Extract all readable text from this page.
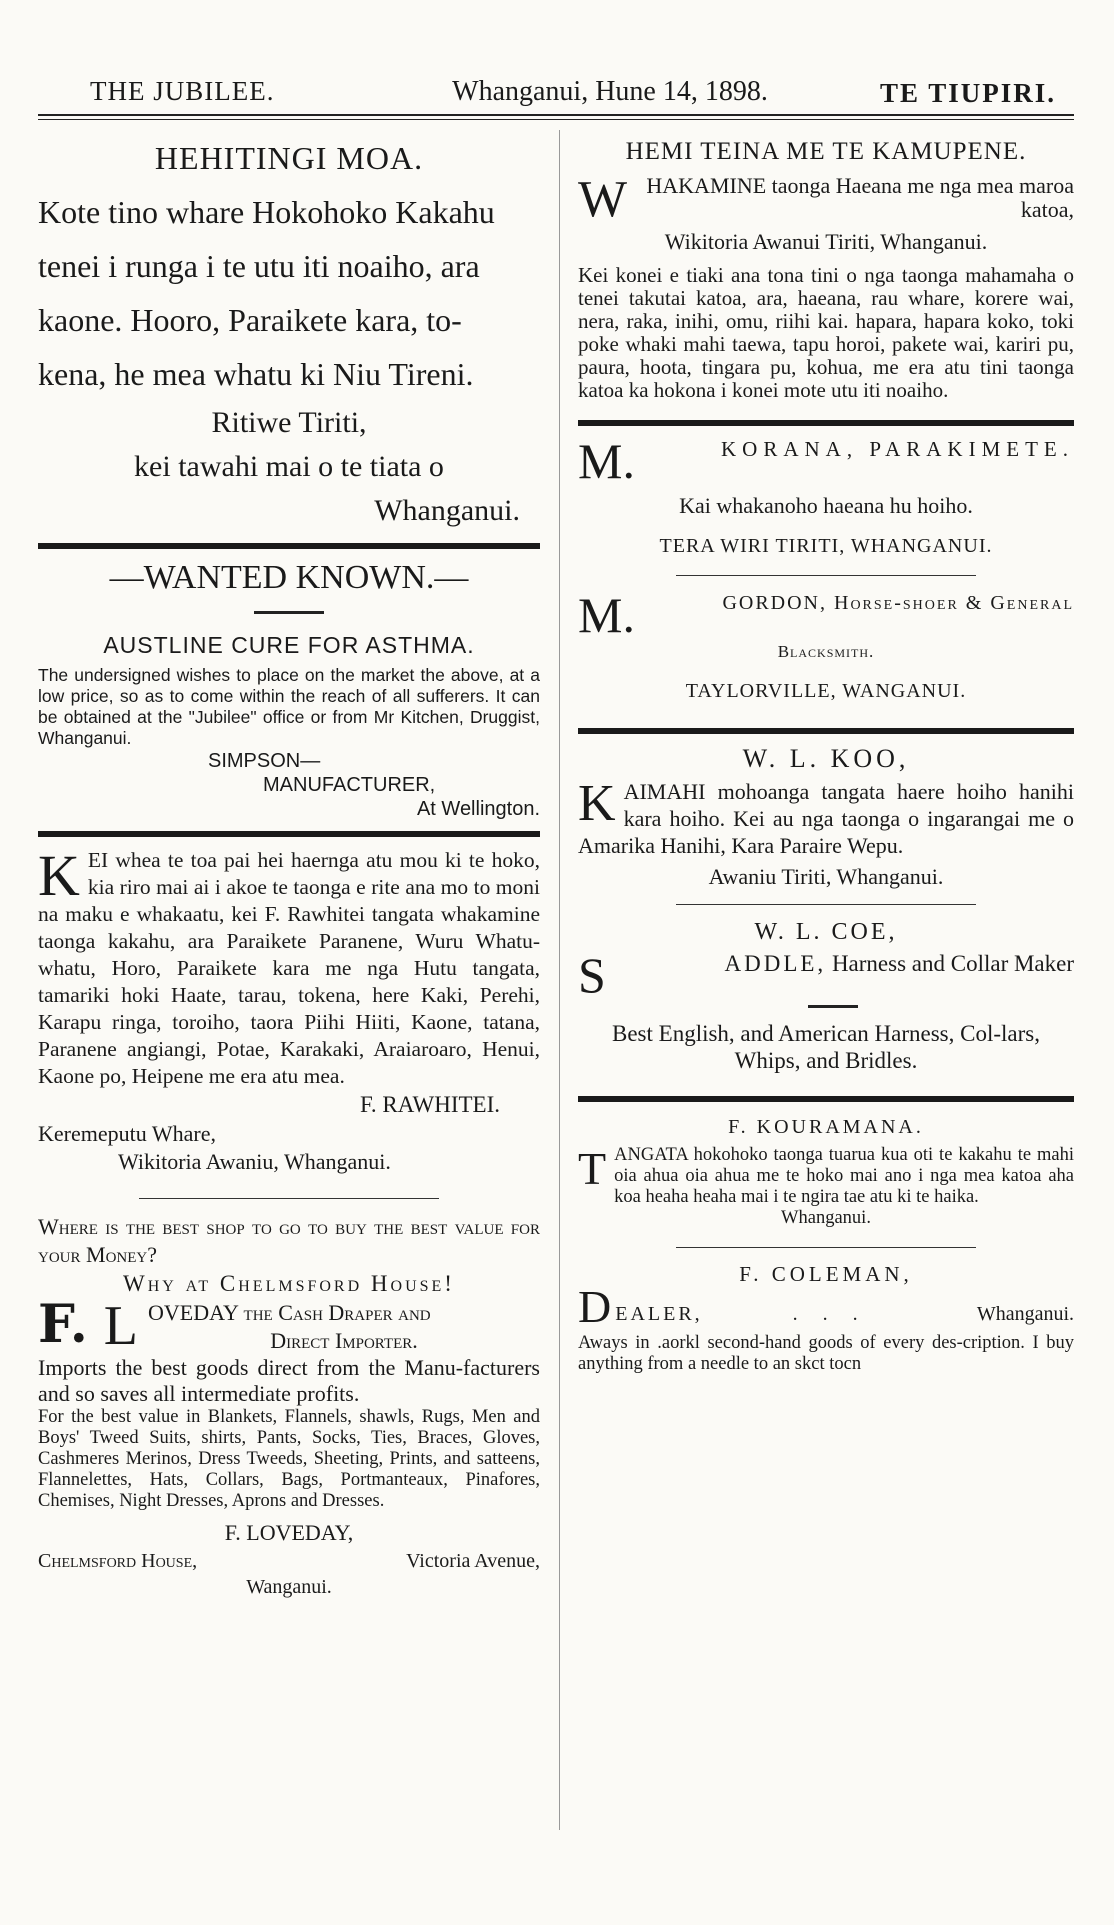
THE JUBILEE.	Whanganui, Hune 14, 1898.	TE TIUPIRI.

HEHITINGI MOA.

Kote tino whare Hokohoko Kakahu

tenei i runga i te utu iti noaiho, ara

kaone. Hooro, Paraikete kara, to-

kena, he mea whatu ki Niu Tireni.

Ritiwe Tiriti,

kei tawahi mai o te tiata o

Whanganui.

—WANTED KNOWN.—

AUSTLINE CURE FOR ASTHMA.

The undersigned wishes to place on the market the above, at a low price, so as to come within the reach of all sufferers. It can be obtained at the "Jubilee" office or from Mr Kitchen, Druggist, Whanganui.

SIMPSON—

MANUFACTURER,

At Wellington.

K EI whea te toa pai hei haernga atu mou ki te hoko, kia riro mai ai i akoe te taonga e rite ana mo to moni na maku e whakaatu, kei F. Rawhitei tangata whakamine taonga kakahu, ara Paraikete Paranene, Wuru Whatu-whatu, Horo, Paraikete kara me nga Hutu tangata, tamariki hoki Haate, tarau, tokena, here Kaki, Perehi, Karapu ringa, toroiho, taora Piihi Hiiti, Kaone, tatana, Paranene angiangi, Potae, Karakaki, Araiaroaro, Henui, Kaone po, Heipene me era atu mea.

F. RAWHITEI.

Keremeputu Whare,

Wikitoria Awaniu, Whanganui.

Where is the best shop to go to buy the best value for your Money?

Why at Chelmsford House!

F. L OVEDAY the Cash Draper and

Direct Importer.

Imports the best goods direct from the Manu-facturers and so saves all intermediate profits.

For the best value in Blankets, Flannels, shawls, Rugs, Men and Boys' Tweed Suits, shirts, Pants, Socks, Ties, Braces, Gloves, Cashmeres Merinos, Dress Tweeds, Sheeting, Prints, and satteens, Flannelettes, Hats, Collars, Bags, Portmanteaux, Pinafores, Chemises, Night Dresses, Aprons and Dresses.

F. LOVEDAY,

Chelmsford House,	Victoria Avenue,

Wanganui.

HEMI TEINA ME TE KAMUPENE.

W HAKAMINE taonga Haeana me nga mea maroa katoa,

Wikitoria Awanui Tiriti, Whanganui.

Kei konei e tiaki ana tona tini o nga taonga mahamaha o tenei takutai katoa, ara, haeana, rau whare, korere wai, nera, raka, inihi, omu, riihi kai. hapara, hapara koko, toki poke whaki mahi taewa, tapu horoi, pakete wai, kariri pu, paura, hoota, tingara pu, kohua, me era atu tini taonga katoa ka hokona i konei mote utu iti noaiho.

M.	KORANA, PARAKIMETE.

Kai whakanoho haeana hu hoiho.

TERA WIRI TIRITI, WHANGANUI.

M.	GORDON, Horse-shoer & General

Blacksmith.

TAYLORVILLE, WANGANUI.

W. L. KOO,

K AIMAHI mohoanga tangata haere hoiho hanihi kara hoiho. Kei au nga taonga o ingarangai me o Amarika Hanihi, Kara Paraire Wepu.

Awaniu Tiriti, Whanganui.

W. L. COE,

S	ADDLE, Harness and Collar Maker

Best English, and American Harness, Col-lars, Whips, and Bridles.

F. KOURAMANA.

T ANGATA hokohoko taonga tuarua kua oti te kakahu te mahi oia ahua oia ahua me te hoko mai ano i nga mea katoa aha koa heaha heaha mai i te ngira tae atu ki te haika.

Whanganui.

F. COLEMAN,

D EALER,	. . .	Whanganui.

Aways in .aorkl second-hand goods of every des-cription. I buy anything from a needle to an skct tocn
